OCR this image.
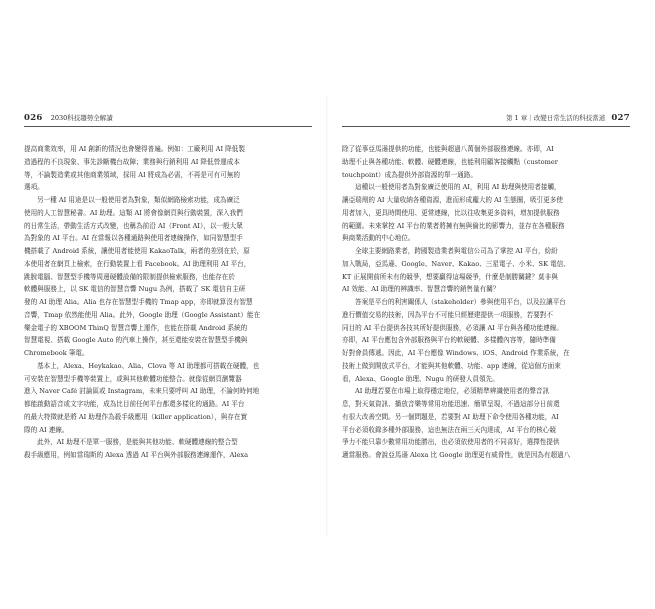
026 2030科技趨勢全解讀

提高商業效率，用 AI 創新的情況也會變得普遍。例如：工廠利用 AI 降低製
造過程的不良現象、事先診斷機台故障；業務與行銷利用 AI 降低營運成本
等，不論製造業或其他商業領域，採用 AI 將成為必需，不再是可有可無的
選項。

另一種 AI 用途是以一般使用者為對象，類似網路檢索功能，成為廣泛
使用的人工智慧秘書。AI 助理。這類 AI 將會像網頁與行動裝置，深入我們
的日常生活，帶動生活方式改變，也稱為前沿 AI（Front AI），以一般大眾
為對象的 AI 平台。AI 在當報以各種通路與使用者連線操作，如同智慧型手
機搭載了 Android 系統，讓使用者能使用 KakaoTalk，兩者的差別在於，原
本使用者在網頁上檢索，在行動裝置上看 Facebook。AI 助理利用 AI 平台，
跳脫電腦、智慧型手機等周邊硬體設備的限制提供檢索服務，也能存在於
軟體與服務上，以 SK 電信的智慧音響 Nugu 為例，搭載了 SK 電信自主研
發的 AI 助理 Alia。Alia 也存在智慧型手機的 Tmap app，亦即就算沒有智慧
音響，Tmap 依然能使用 Alia。此外，Google 助理（Google Assistant）能在
樂金電子的 XBOOM ThinQ 智慧音響上運作，也能在搭載 Android 系統的
智慧電視、搭載 Google Auto 的汽車上操作，甚至還能安裝在智慧型手機與
Chromebook 筆電。

基本上，Alexa、Heykakao、Alia、Clova 等 AI 助理都可搭載在硬體，也
可安裝在智慧型手機等裝置上，或與其他軟體功能整合。就像從網頁瀏覽器
進入 Naver Café 討論區或 Instagram，未來只要呼叫 AI 助理，不論何時何地
都能啟動語音或文字功能，成為比目前任何平台都還多樣化的通路。AI 平台
的最大特徵就是將 AI 助理作為殺手級應用（killer application），與存在實
際的 AI 連線。

此外，AI 助理不是單一服務，是能與其他功能、軟硬體連線的整合型
殺手級應用，例如當瑞斯的 Alexa 透過 AI 平台與外部服務連線運作，Alexa

第 1 章｜改變日常生活的科技當道 027

除了從事亞馬遜提供的功能，也能與超過八萬個外部服務連線。亦即，AI
助理不止與各種功能、軟體、硬體連線，也能利用顧客接觸點（customer
touchpoint）成為提供外部資源的單一通路。

這種以一般使用者為對象廣泛使用的 AI，利用 AI 助理與使用者接觸，
讓亞瑞劑的 AI 大量收納各種資源，進而形成龐大的 AI 生態圈，吸引更多使
用者加入，更具時間使用、更常連線，比以往收集更多資料，增加提供服務
的範圍。未來掌控 AI 平台的業者將擁有無與倫比的影響力，並存在各種服務
與商業活動的中心地位。

全球主要網路業者，跨國製造業者與電信公司為了掌控 AI 平台，紛紛
加入戰局，亞馬遜、Google、Naver、Kakao、三星電子、小米、SK 電信、
KT 正展開前所未有的競爭，想要贏得這場競爭，什麼是制勝關鍵？莫非與
AI 效能、AI 助理的辨識率、智慧音響的銷售量有關？

答案是平台的利害關係人（stakeholder）參與使用平台，以及拉讓平台
進行價值交易的技術，因為平台不可能只經歷建提供一項服務，若要對不
同目的 AI 平台提供各技其所好提供服務，必須讓 AI 平台與各種功能連線。
亦即，AI 平台應包含外部服務與平台的軟硬體、多樣體內容等，隨時準備
好對會員傳遞。因此，AI 平台應像 Windows、iOS、Android 作業系統，在
技術上做到開放式平台，才能與其他軟體、功能、app 連線，從這個方面來
看，Alexa、Google 助理、Nugu 的研發人員領先。

AI 助理若要在市場上取得穩定地位，必須精準辨識使用者的聲音訊
息，對天氣資訊、播放音樂等常用功能迅速、簡單呈現，不過這部分日前還
有很大改善空間。另一個問題是，若要對 AI 助理下命令使用各種功能，AI
平台必須收錄多種外部服務，這也無法在兩三天內達成，AI 平台的核心競
爭力不能只靠少數常用功能勝出，也必須依使用者的不同喜好，選擇性提供
適當服務。會說亞馬遜 Alexa 比 Google 助理更有威脅性，就是因為有超過八
